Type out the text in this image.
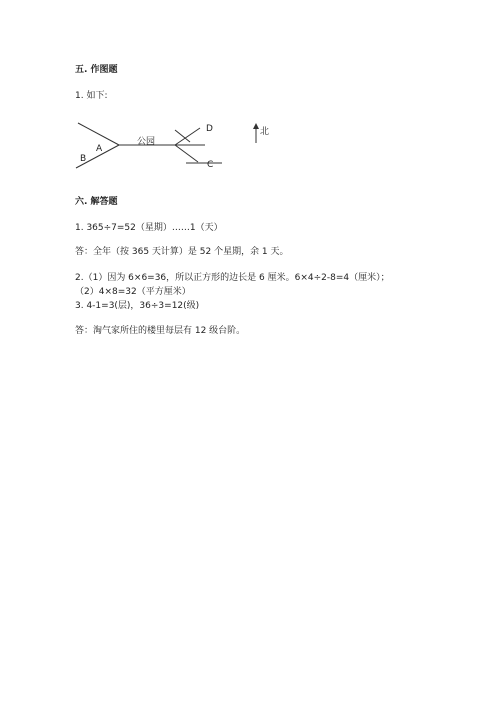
五. 作图题
1. 如下:
公园
A
B
D
C
北
六. 解答题
1. 365÷7=52（星期）……1（天）
答：全年（按 365 天计算）是 52 个星期，余 1 天。
2.（1）因为 6×6=36，所以正方形的边长是 6 厘米。6×4÷2-8=4（厘米）；
（2）4×8=32（平方厘米）
3. 4-1=3(层)，36÷3=12(级)
答：淘气家所住的楼里每层有 12 级台阶。
